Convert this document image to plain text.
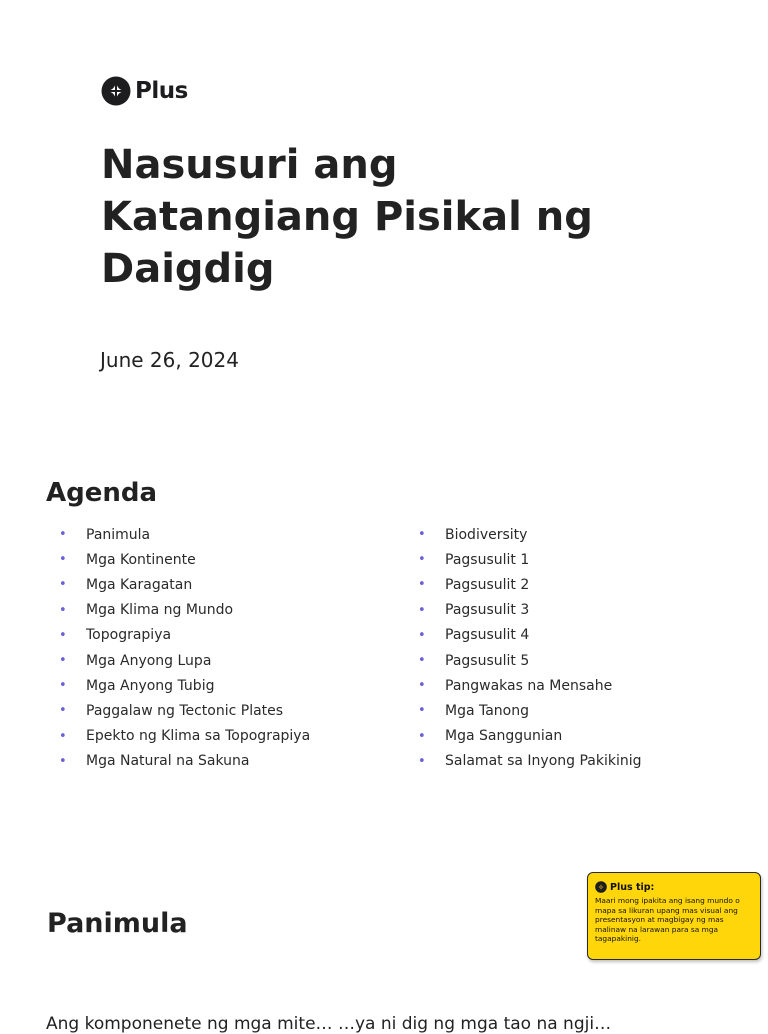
Plus
Nasusuri ang Katangiang Pisikal ng Daigdig
June 26, 2024
Agenda
•	Panimula
•	Mga Kontinente
•	Mga Karagatan
•	Mga Klima ng Mundo
•	Topograpiya
•	Mga Anyong Lupa
•	Mga Anyong Tubig
•	Paggalaw ng Tectonic Plates
•	Epekto ng Klima sa Topograpiya
•	Mga Natural na Sakuna
•	Biodiversity
•	Pagsusulit 1
•	Pagsusulit 2
•	Pagsusulit 3
•	Pagsusulit 4
•	Pagsusulit 5
•	Pangwakas na Mensahe
•	Mga Tanong
•	Mga Sanggunian
•	Salamat sa Inyong Pakikinig
Plus tip:
Maari mong ipakita ang isang mundo o mapa sa likuran upang mas visual ang presentasyon at magbigay ng mas malinaw na larawan para sa mga tagapakinig.
Panimula
Ang komponenete ng mga mite… …ya ni dig ng mga tao na ngji…
